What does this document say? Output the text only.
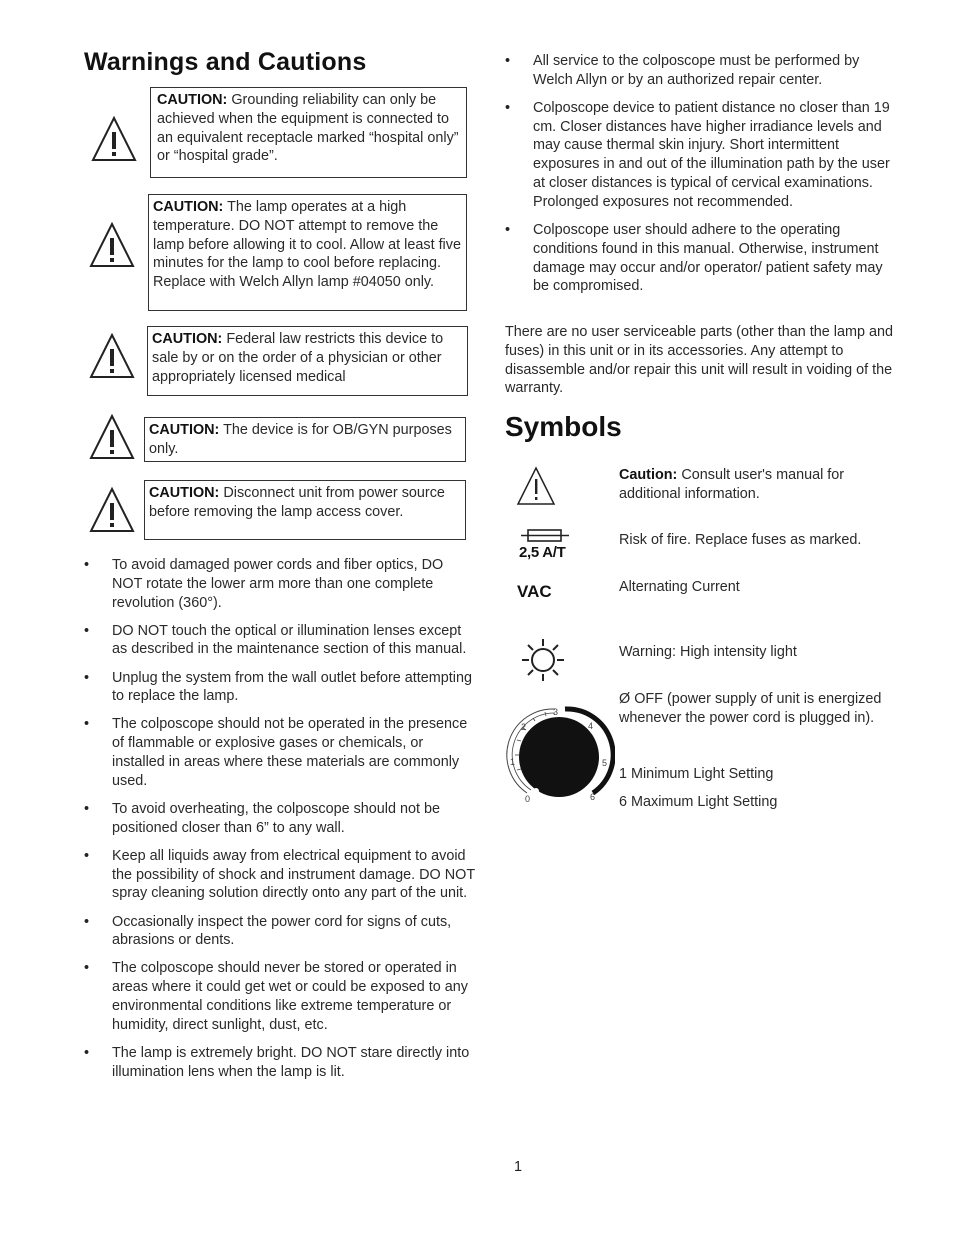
Warnings and Cautions
CAUTION: Grounding reliability can only be achieved when the equipment is connected to an equivalent receptacle marked “hospital only” or “hospital grade”.
CAUTION: The lamp operates at a high temperature. DO NOT attempt to remove the lamp before allowing it to cool. Allow at least five minutes for the lamp to cool before replacing. Replace with Welch Allyn lamp #04050 only.
CAUTION: Federal law restricts this device to sale by or on the order of a physician or other appropriately licensed medical
CAUTION: The device is for OB/GYN purposes only.
CAUTION: Disconnect unit from power source before removing the lamp access cover.
• To avoid damaged power cords and fiber optics, DO NOT rotate the lower arm more than one complete revolution (360°).
• DO NOT touch the optical or illumination lenses except as described in the maintenance section of this manual.
• Unplug the system from the wall outlet before attempting to replace the lamp.
• The colposcope should not be operated in the presence of flammable or explosive gases or chemicals, or installed in areas where these materials are commonly used.
• To avoid overheating, the colposcope should not be positioned closer than 6” to any wall.
• Keep all liquids away from electrical equipment to avoid the possibility of shock and instrument damage. DO NOT spray cleaning solution directly onto any part of the unit.
• Occasionally inspect the power cord for signs of cuts, abrasions or dents.
• The colposcope should never be stored or operated in areas where it could get wet or could be exposed to any environmental conditions like extreme temperature or humidity, direct sunlight, dust, etc.
• The lamp is extremely bright. DO NOT stare directly into illumination lens when the lamp is lit.
• All service to the colposcope must be performed by Welch Allyn or by an authorized repair center.
• Colposcope device to patient distance no closer than 19 cm. Closer distances have higher irradiance levels and may cause thermal skin injury. Short intermittent exposures in and out of the illumination path by the user at closer distances is typical of cervical examinations. Prolonged exposures not recommended.
• Colposcope user should adhere to the operating conditions found in this manual. Otherwise, instrument damage may occur and/or operator/ patient safety may be compromised.
There are no user serviceable parts (other than the lamp and fuses) in this unit or in its accessories. Any attempt to disassemble and/or repair this unit will result in voiding of the warranty.
Symbols
Caution: Consult user's manual for additional information.
2,5 A/T
Risk of fire. Replace fuses as marked.
VAC	Alternating Current
Warning: High intensity light
0
1
2
3
4
5
6
Ø OFF (power supply of unit is energized whenever the power cord is plugged in).
1 Minimum Light Setting
6 Maximum Light Setting
1
